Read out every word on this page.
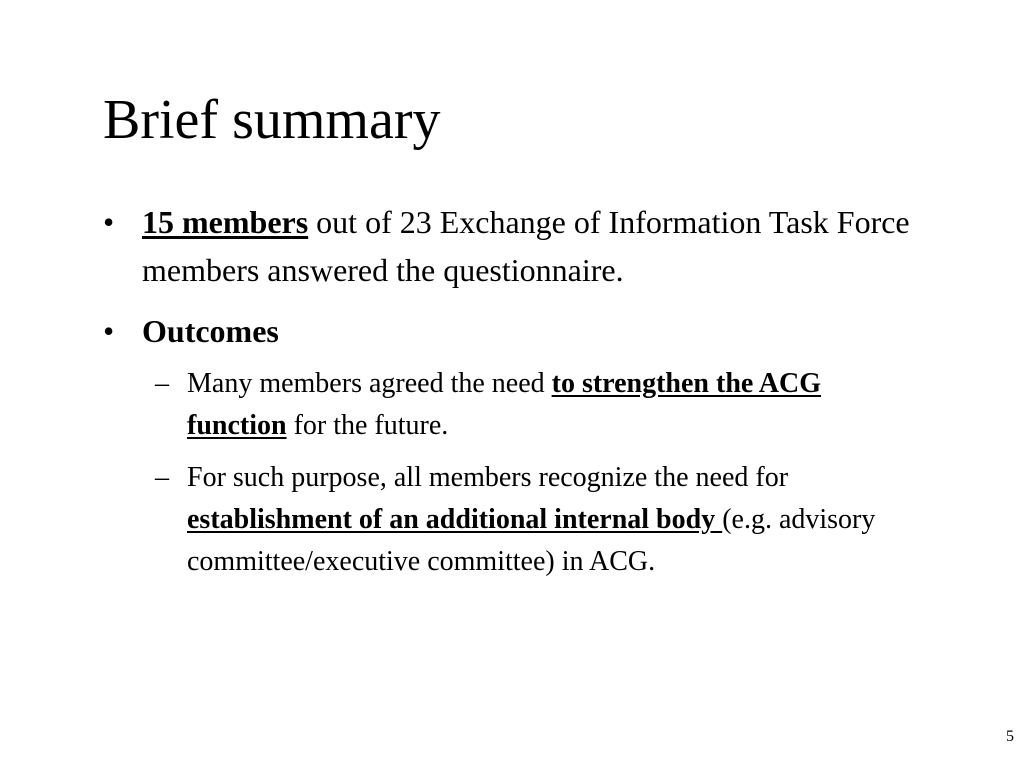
Brief summary

• 15 members out of 23 Exchange of Information Task Force members answered the questionnaire.

• Outcomes

– Many members agreed the need to strengthen the ACG function for the future.

– For such purpose, all members recognize the need for establishment of an additional internal body (e.g. advisory committee/executive committee) in ACG.

5
